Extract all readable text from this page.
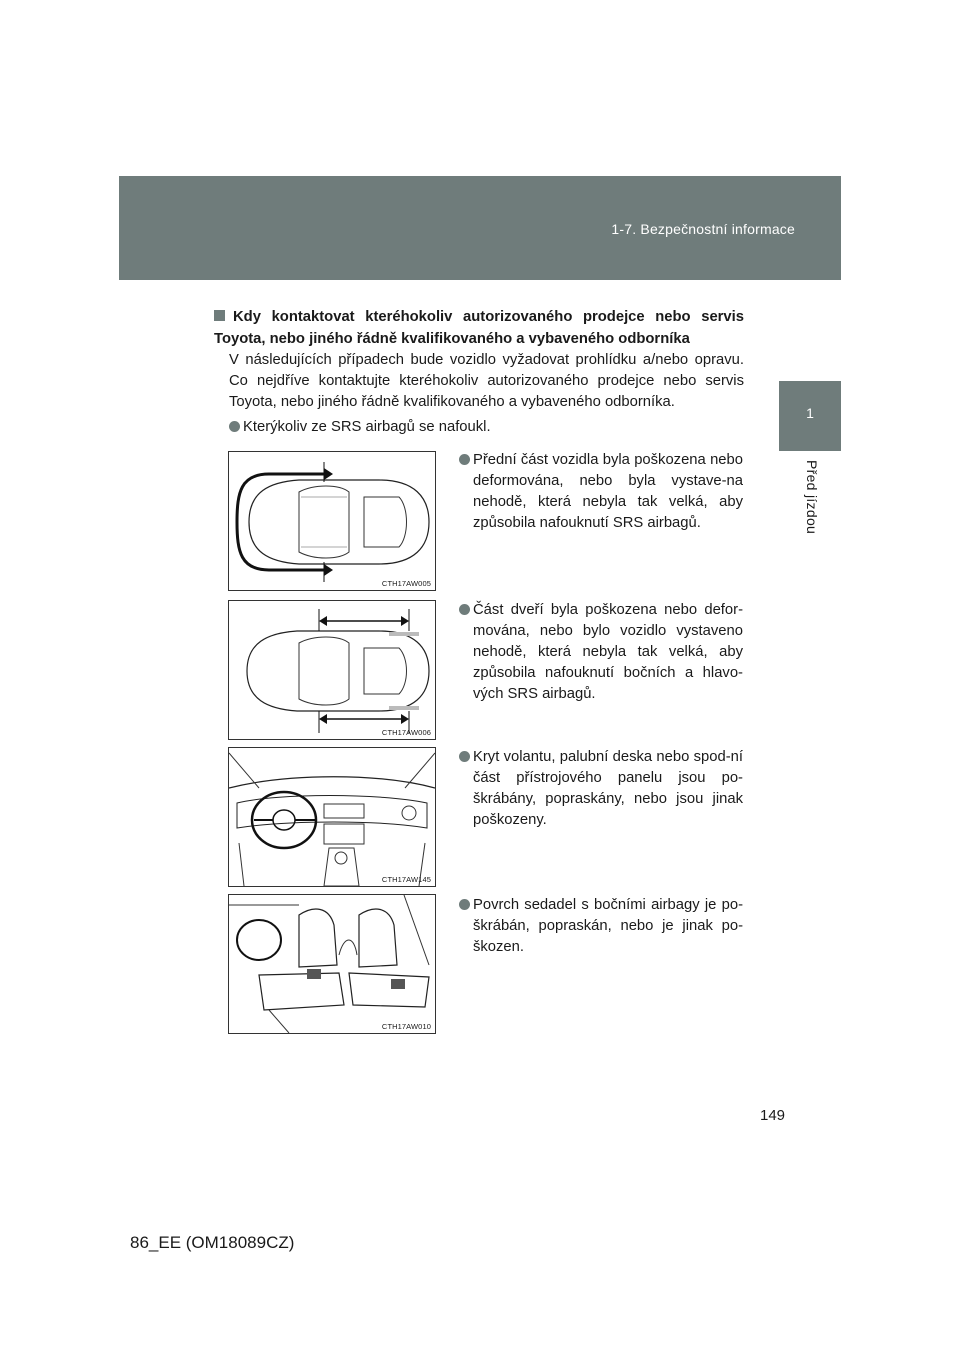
1-7. Bezpečnostní informace
1
Před jízdou
Kdy kontaktovat kteréhokoliv autorizovaného prodejce nebo servis Toyota, nebo jiného řádně kvalifikovaného a vybaveného odborníka
V následujících případech bude vozidlo vyžadovat prohlídku a/nebo opravu. Co nejdříve kontaktujte kteréhokoliv autorizovaného prodejce nebo servis Toyota, nebo jiného řádně kvalifikovaného a vybaveného odborníka.
Kterýkoliv ze SRS airbagů se nafoukl.
CTH17AW005
Přední část vozidla byla poškozena nebo deformována, nebo byla vystave-na nehodě, která nebyla tak velká, aby způsobila nafouknutí SRS airbagů.
CTH17AW006
Část dveří byla poškozena nebo defor-mována, nebo bylo vozidlo vystaveno nehodě, která nebyla tak velká, aby způsobila nafouknutí bočních a hlavo-vých SRS airbagů.
CTH17AW145
Kryt volantu, palubní deska nebo spod-ní část přístrojového panelu jsou po-škrábány, popraskány, nebo jsou jinak poškozeny.
CTH17AW010
Povrch sedadel s bočními airbagy je po-škrábán, popraskán, nebo je jinak po-škozen.
149
86_EE (OM18089CZ)
